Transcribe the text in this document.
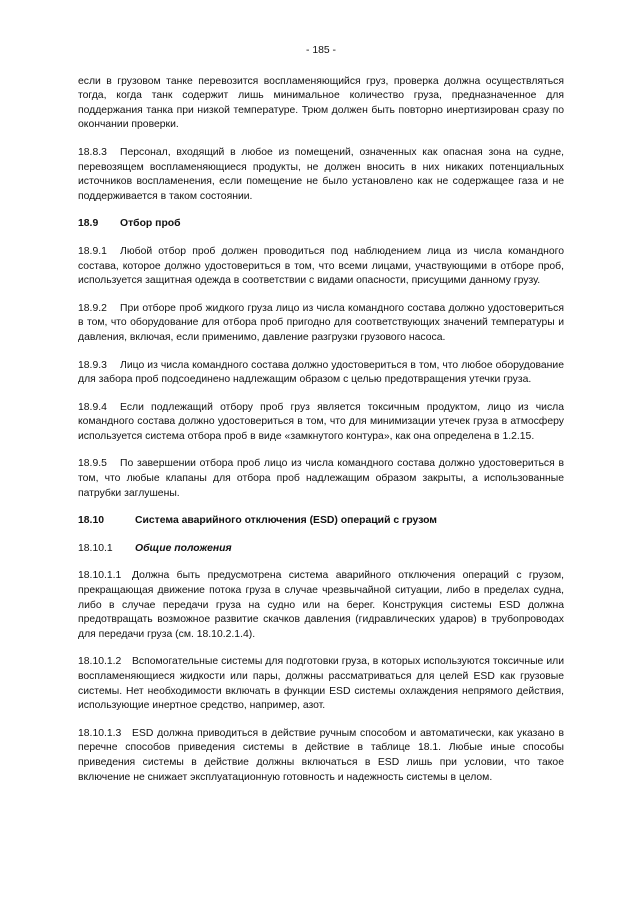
- 185 -

если в грузовом танке перевозится воспламеняющийся груз, проверка должна осуществляться тогда, когда танк содержит лишь минимальное количество груза, предназначенное для поддержания танка при низкой температуре. Трюм должен быть повторно инертизирован сразу по окончании проверки.

18.8.3 Персонал, входящий в любое из помещений, означенных как опасная зона на судне, перевозящем воспламеняющиеся продукты, не должен вносить в них никаких потенциальных источников воспламенения, если помещение не было установлено как не содержащее газа и не поддерживается в таком состоянии.

18.9 Отбор проб

18.9.1 Любой отбор проб должен проводиться под наблюдением лица из числа командного состава, которое должно удостовериться в том, что всеми лицами, участвующими в отборе проб, используется защитная одежда в соответствии с видами опасности, присущими данному грузу.

18.9.2 При отборе проб жидкого груза лицо из числа командного состава должно удостовериться в том, что оборудование для отбора проб пригодно для соответствующих значений температуры и давления, включая, если применимо, давление разгрузки грузового насоса.

18.9.3 Лицо из числа командного состава должно удостовериться в том, что любое оборудование для забора проб подсоединено надлежащим образом с целью предотвращения утечки груза.

18.9.4 Если подлежащий отбору проб груз является токсичным продуктом, лицо из числа командного состава должно удостовериться в том, что для минимизации утечек груза в атмосферу используется система отбора проб в виде «замкнутого контура», как она определена в 1.2.15.

18.9.5 По завершении отбора проб лицо из числа командного состава должно удостовериться в том, что любые клапаны для отбора проб надлежащим образом закрыты, а использованные патрубки заглушены.

18.10	Система аварийного отключения (ESD) операций с грузом

18.10.1 Общие положения

18.10.1.1 Должна быть предусмотрена система аварийного отключения операций с грузом, прекращающая движение потока груза в случае чрезвычайной ситуации, либо в пределах судна, либо в случае передачи груза на судно или на берег. Конструкция системы ESD должна предотвращать возможное развитие скачков давления (гидравлических ударов) в трубопроводах для передачи груза (см. 18.10.2.1.4).

18.10.1.2 Вспомогательные системы для подготовки груза, в которых используются токсичные или воспламеняющиеся жидкости или пары, должны рассматриваться для целей ESD как грузовые системы. Нет необходимости включать в функции ESD системы охлаждения непрямого действия, использующие инертное средство, например, азот.

18.10.1.3 ESD должна приводиться в действие ручным способом и автоматически, как указано в перечне способов приведения системы в действие в таблице 18.1. Любые иные способы приведения системы в действие должны включаться в ESD лишь при условии, что такое включение не снижает эксплуатационную готовность и надежность системы в целом.
